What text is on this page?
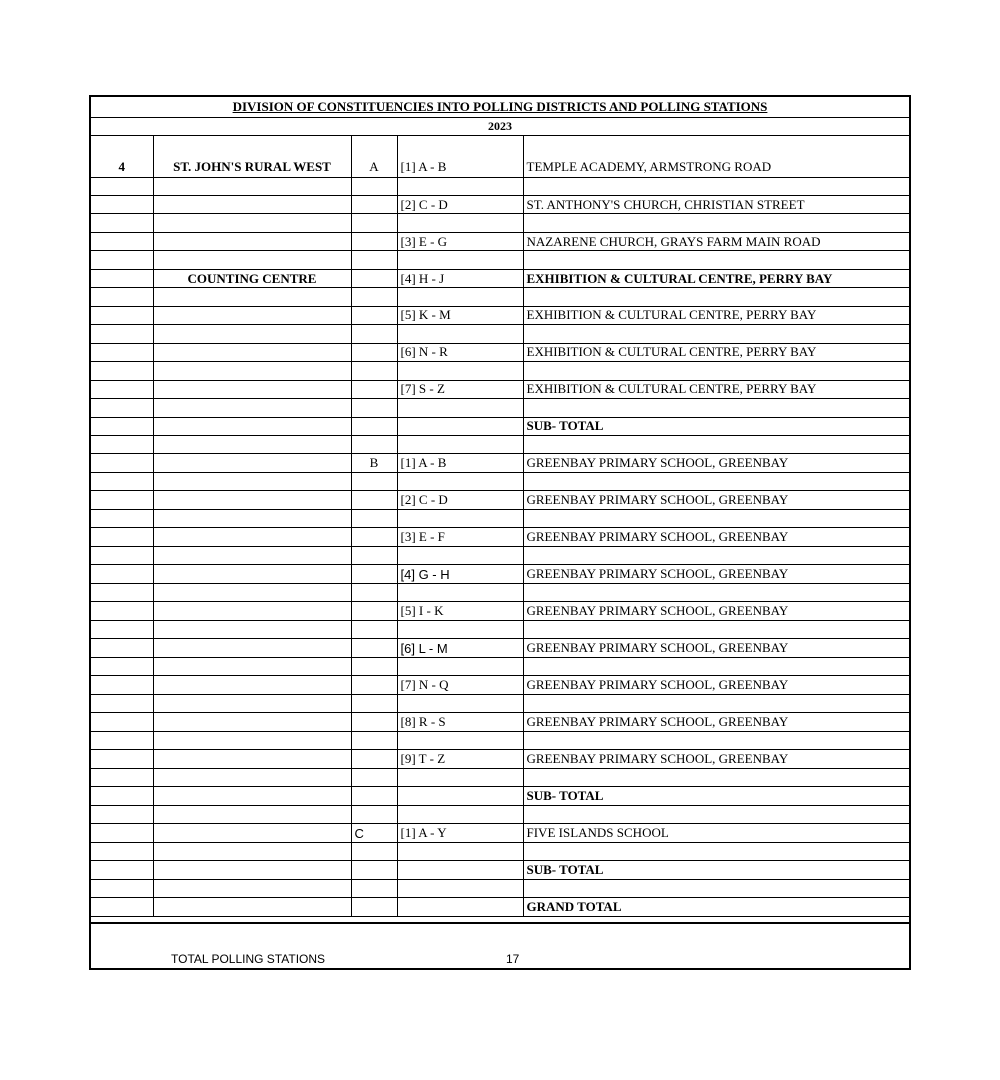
DIVISION OF CONSTITUENCIES INTO POLLING DISTRICTS AND POLLING STATIONS
2023
4	ST. JOHN'S RURAL WEST	A	[1] A - B	TEMPLE ACADEMY, ARMSTRONG ROAD

			[2] C - D	ST. ANTHONY'S CHURCH, CHRISTIAN STREET

			[3] E - G	NAZARENE CHURCH, GRAYS FARM MAIN ROAD

	COUNTING CENTRE		[4] H - J	EXHIBITION & CULTURAL CENTRE, PERRY BAY

			[5] K - M	EXHIBITION & CULTURAL CENTRE, PERRY BAY

			[6] N - R	EXHIBITION & CULTURAL CENTRE, PERRY BAY

			[7] S - Z	EXHIBITION & CULTURAL CENTRE, PERRY BAY

				SUB- TOTAL

		B	[1] A - B	GREENBAY PRIMARY SCHOOL, GREENBAY

			[2] C - D	GREENBAY PRIMARY SCHOOL, GREENBAY

			[3] E - F	GREENBAY PRIMARY SCHOOL, GREENBAY

			[4] G - H	GREENBAY PRIMARY SCHOOL, GREENBAY

			[5] I - K	GREENBAY PRIMARY SCHOOL, GREENBAY

			[6] L - M	GREENBAY PRIMARY SCHOOL, GREENBAY

			[7] N - Q	GREENBAY PRIMARY SCHOOL, GREENBAY

			[8] R - S	GREENBAY PRIMARY SCHOOL, GREENBAY

			[9] T - Z	GREENBAY PRIMARY SCHOOL, GREENBAY

				SUB- TOTAL

		C	[1] A - Y	FIVE ISLANDS SCHOOL

				SUB- TOTAL

				GRAND TOTAL
TOTAL POLLING STATIONS	17
